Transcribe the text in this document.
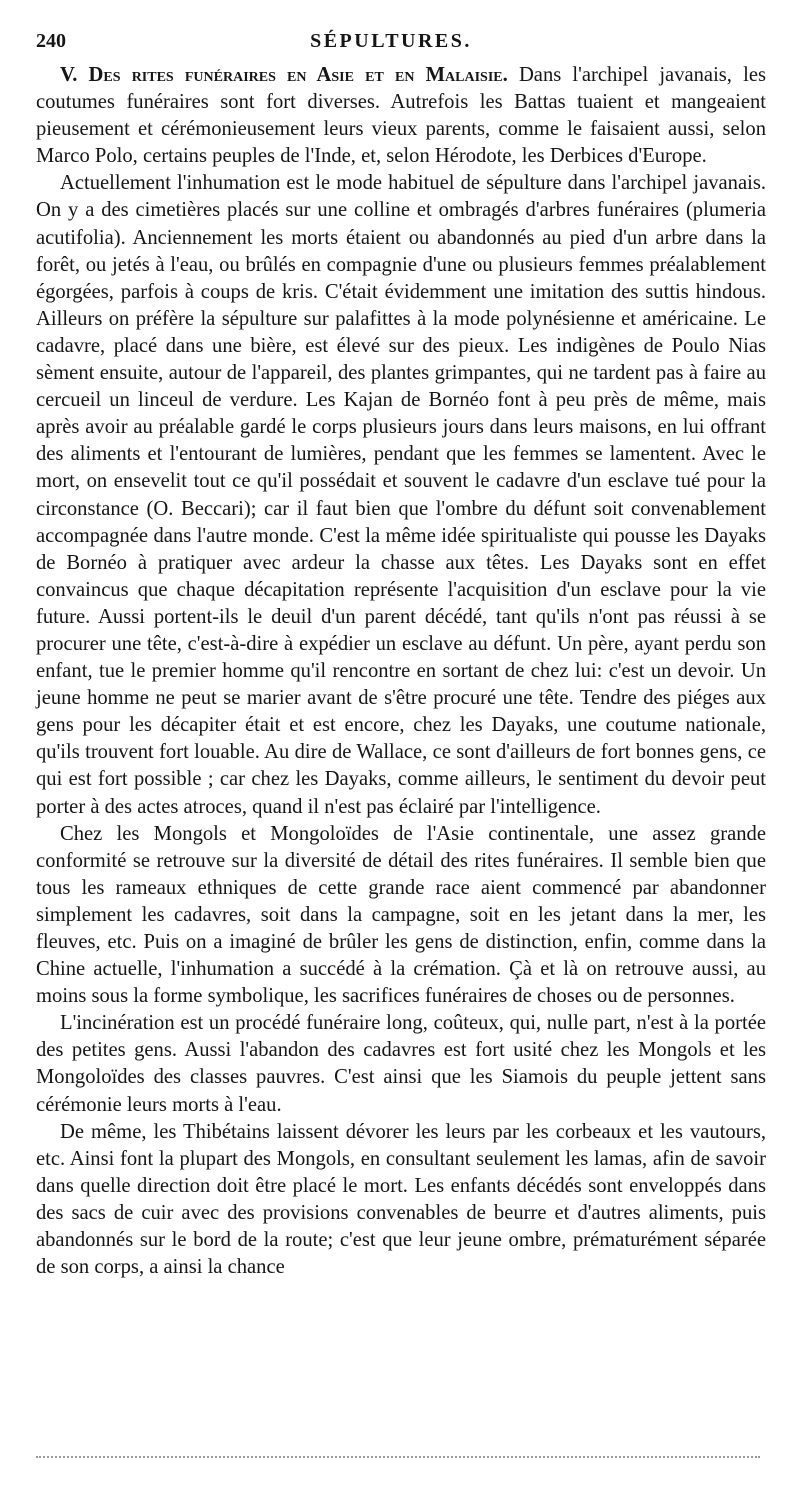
240	SÉPULTURES.

V. Des rites funéraires en Asie et en Malaisie. Dans l'archipel javanais, les coutumes funéraires sont fort diverses. Autrefois les Battas tuaient et mangeaient pieusement et cérémonieusement leurs vieux parents, comme le faisaient aussi, selon Marco Polo, certains peuples de l'Inde, et, selon Hérodote, les Derbices d'Europe.

Actuellement l'inhumation est le mode habituel de sépulture dans l'archipel javanais. On y a des cimetières placés sur une colline et ombragés d'arbres funéraires (plumeria acutifolia). Anciennement les morts étaient ou abandonnés au pied d'un arbre dans la forêt, ou jetés à l'eau, ou brûlés en compagnie d'une ou plusieurs femmes préalablement égorgées, parfois à coups de kris. C'était évidemment une imitation des suttis hindous. Ailleurs on préfère la sépulture sur palafittes à la mode polynésienne et américaine. Le cadavre, placé dans une bière, est élevé sur des pieux. Les indigènes de Poulo Nias sèment ensuite, autour de l'appareil, des plantes grimpantes, qui ne tardent pas à faire au cercueil un linceul de verdure. Les Kajan de Bornéo font à peu près de même, mais après avoir au préalable gardé le corps plusieurs jours dans leurs maisons, en lui offrant des aliments et l'entourant de lumières, pendant que les femmes se lamentent. Avec le mort, on ensevelit tout ce qu'il possédait et souvent le cadavre d'un esclave tué pour la circonstance (O. Beccari); car il faut bien que l'ombre du défunt soit convenablement accompagnée dans l'autre monde. C'est la même idée spiritualiste qui pousse les Dayaks de Bornéo à pratiquer avec ardeur la chasse aux têtes. Les Dayaks sont en effet convaincus que chaque décapitation représente l'acquisition d'un esclave pour la vie future. Aussi portent-ils le deuil d'un parent décédé, tant qu'ils n'ont pas réussi à se procurer une tête, c'est-à-dire à expédier un esclave au défunt. Un père, ayant perdu son enfant, tue le premier homme qu'il rencontre en sortant de chez lui: c'est un devoir. Un jeune homme ne peut se marier avant de s'être procuré une tête. Tendre des piéges aux gens pour les décapiter était et est encore, chez les Dayaks, une coutume nationale, qu'ils trouvent fort louable. Au dire de Wallace, ce sont d'ailleurs de fort bonnes gens, ce qui est fort possible ; car chez les Dayaks, comme ailleurs, le sentiment du devoir peut porter à des actes atroces, quand il n'est pas éclairé par l'intelligence.

Chez les Mongols et Mongoloïdes de l'Asie continentale, une assez grande conformité se retrouve sur la diversité de détail des rites funéraires. Il semble bien que tous les rameaux ethniques de cette grande race aient commencé par abandonner simplement les cadavres, soit dans la campagne, soit en les jetant dans la mer, les fleuves, etc. Puis on a imaginé de brûler les gens de distinction, enfin, comme dans la Chine actuelle, l'inhumation a succédé à la crémation. Çà et là on retrouve aussi, au moins sous la forme symbolique, les sacrifices funéraires de choses ou de personnes.

L'incinération est un procédé funéraire long, coûteux, qui, nulle part, n'est à la portée des petites gens. Aussi l'abandon des cadavres est fort usité chez les Mongols et les Mongoloïdes des classes pauvres. C'est ainsi que les Siamois du peuple jettent sans cérémonie leurs morts à l'eau.

De même, les Thibétains laissent dévorer les leurs par les corbeaux et les vautours, etc. Ainsi font la plupart des Mongols, en consultant seulement les lamas, afin de savoir dans quelle direction doit être placé le mort. Les enfants décédés sont enveloppés dans des sacs de cuir avec des provisions convenables de beurre et d'autres aliments, puis abandonnés sur le bord de la route; c'est que leur jeune ombre, prématurément séparée de son corps, a ainsi la chance
